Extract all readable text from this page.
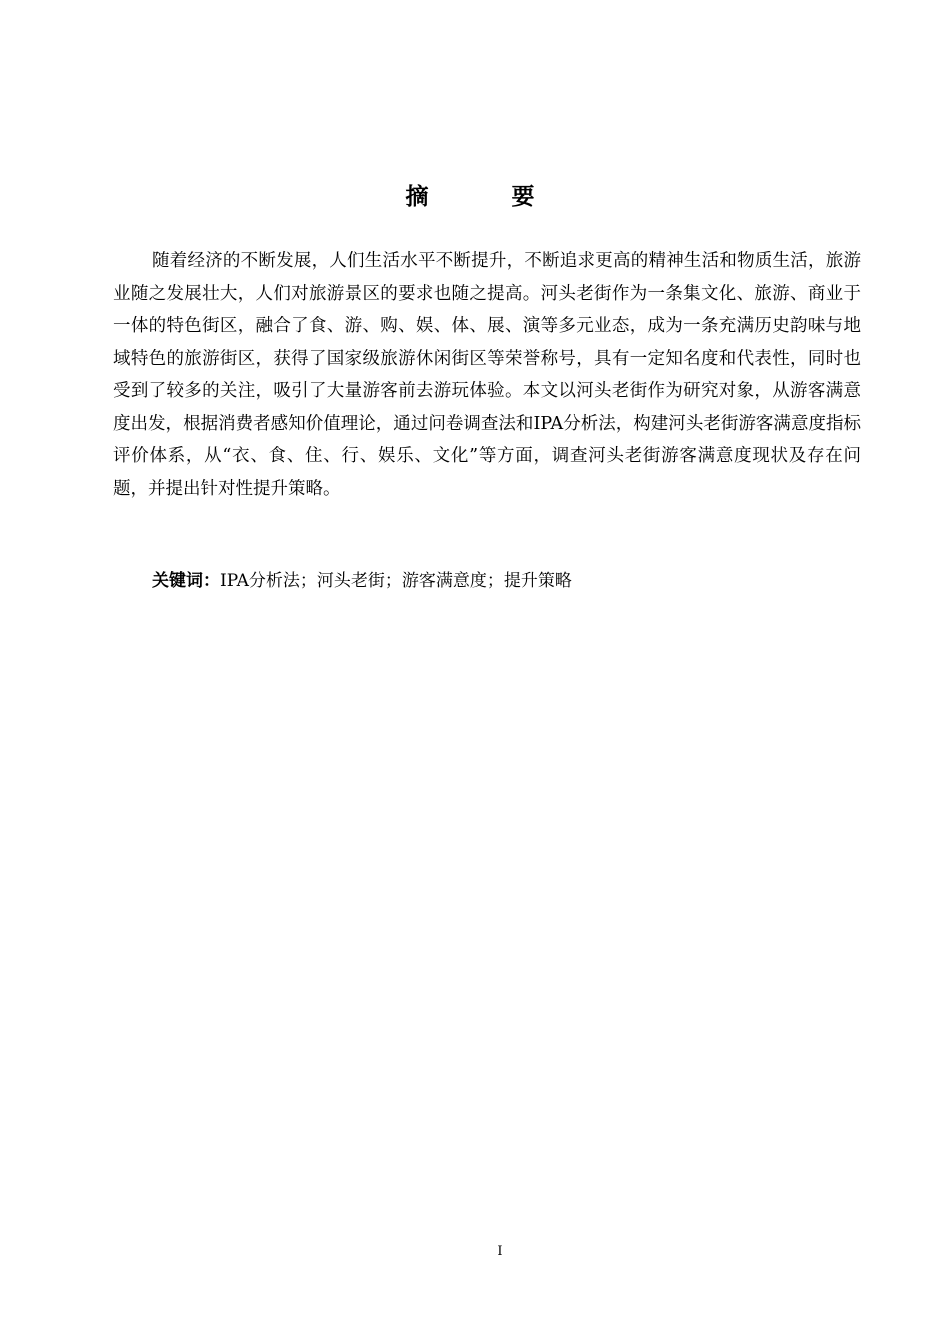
摘　要

随着经济的不断发展，人们生活水平不断提升，不断追求更高的精神生活和物质生活，旅游业随之发展壮大，人们对旅游景区的要求也随之提高。河头老街作为一条集文化、旅游、商业于一体的特色街区，融合了食、游、购、娱、体、展、演等多元业态，成为一条充满历史韵味与地域特色的旅游街区，获得了国家级旅游休闲街区等荣誉称号，具有一定知名度和代表性，同时也受到了较多的关注，吸引了大量游客前去游玩体验。本文以河头老街作为研究对象，从游客满意度出发，根据消费者感知价值理论，通过问卷调查法和IPA分析法，构建河头老街游客满意度指标评价体系，从“衣、食、住、行、娱乐、文化”等方面，调查河头老街游客满意度现状及存在问题，并提出针对性提升策略。

关键词：IPA分析法；河头老街；游客满意度；提升策略
I
